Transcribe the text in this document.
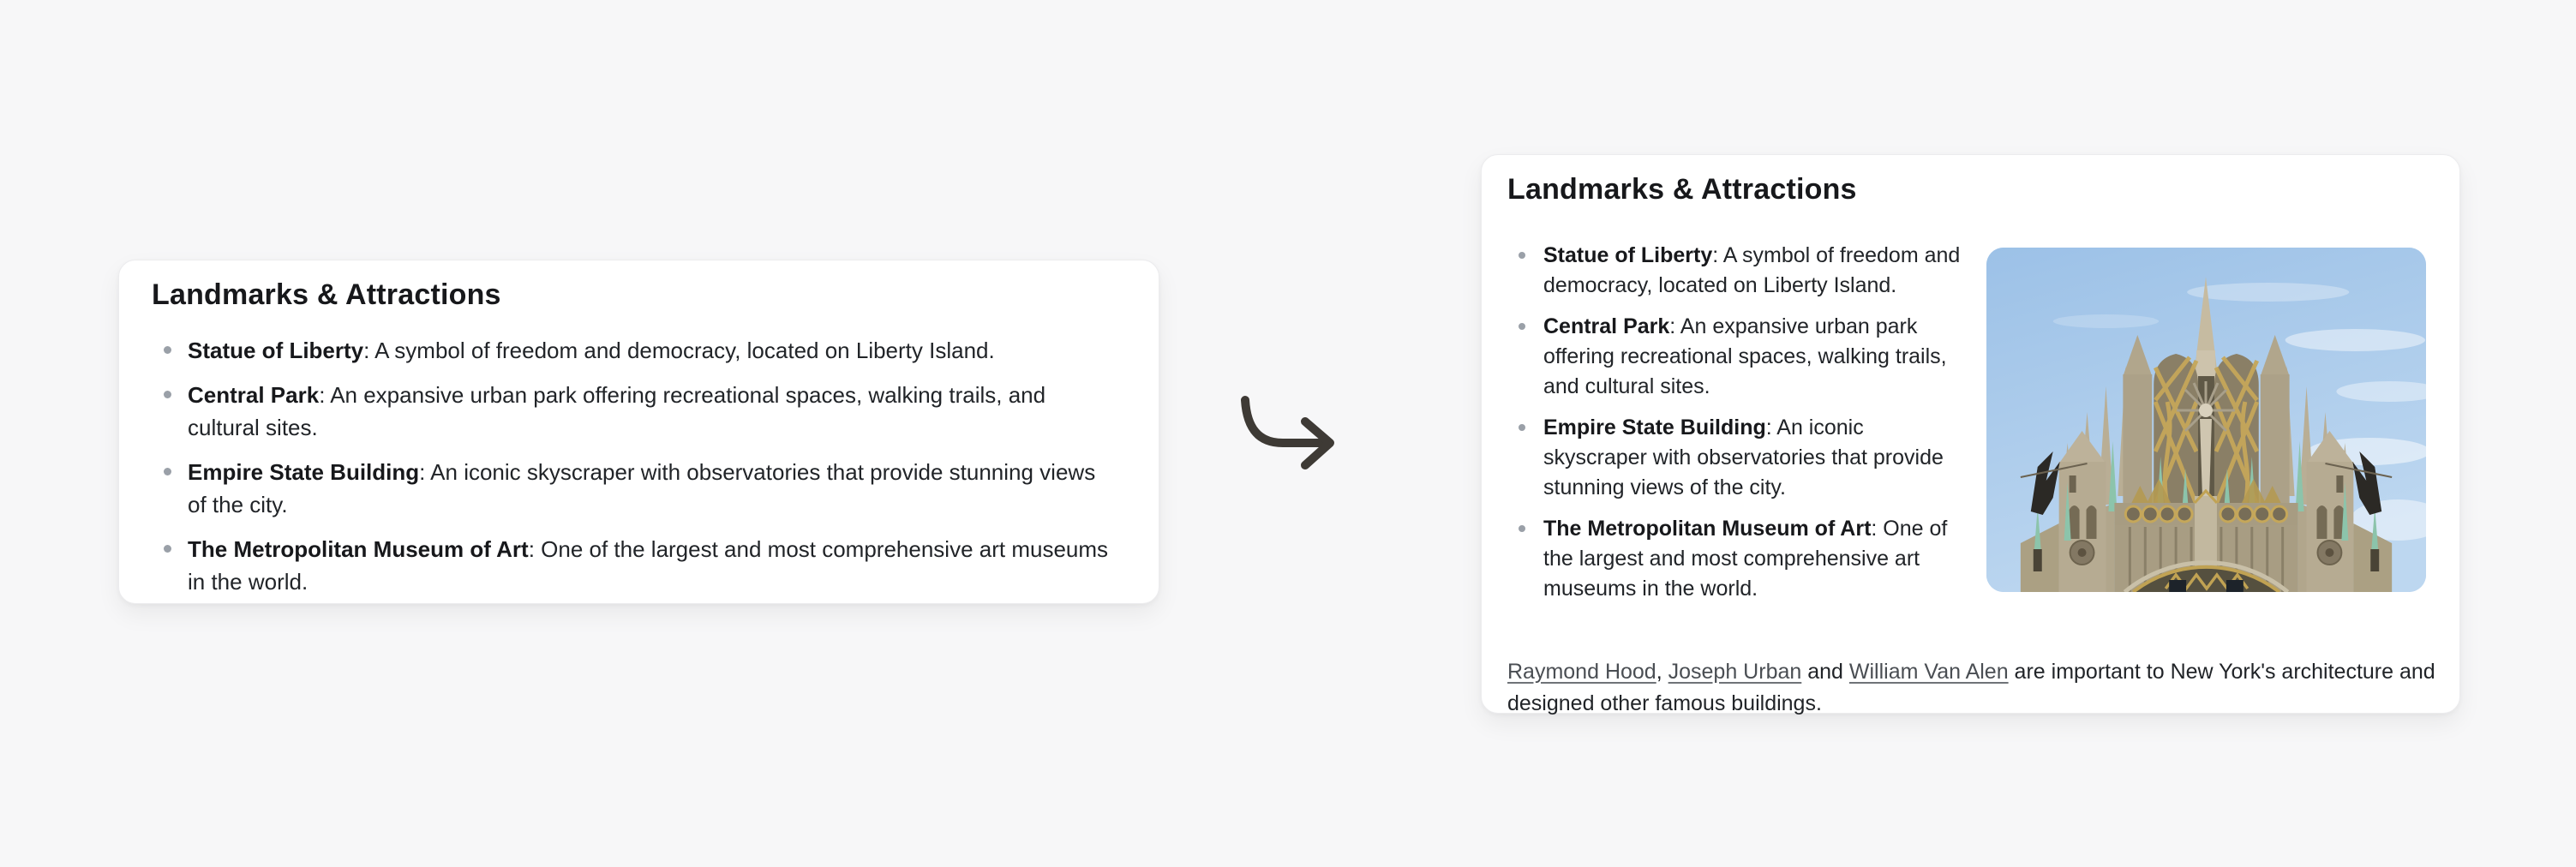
Landmarks & Attractions
Statue of Liberty: A symbol of freedom and democracy, located on Liberty Island.
Central Park: An expansive urban park offering recreational spaces, walking trails, and cultural sites.
Empire State Building: An iconic skyscraper with observatories that provide stunning views of the city.
The Metropolitan Museum of Art: One of the largest and most comprehensive art museums in the world.
Landmarks & Attractions
Statue of Liberty: A symbol of freedom and democracy, located on Liberty Island.
Central Park: An expansive urban park offering recreational spaces, walking trails, and cultural sites.
Empire State Building: An iconic skyscraper with observatories that provide stunning views of the city.
The Metropolitan Museum of Art: One of the largest and most comprehensive art museums in the world.

Raymond Hood, Joseph Urban and William Van Alen are important to New York's architecture and designed other famous buildings.
